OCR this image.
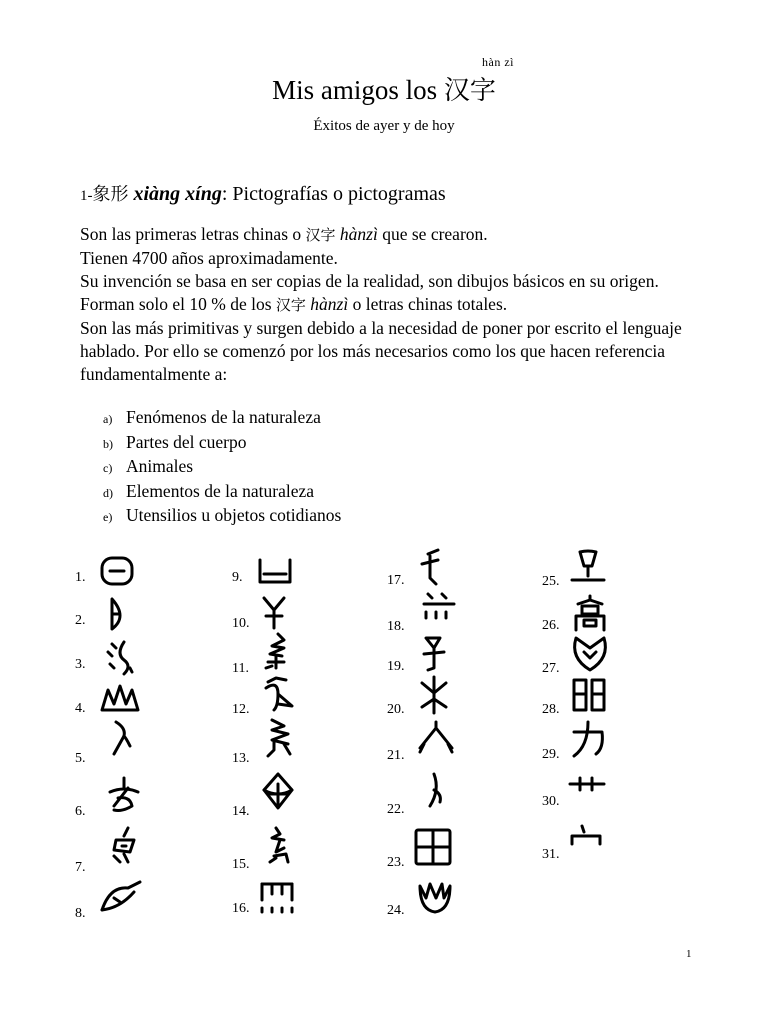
hàn zì
Mis amigos los 汉字
Éxitos de ayer y de hoy
1-象形 xiàng xíng: Pictografías o pictogramas

Son las primeras letras chinas o 汉字 hànzì que se crearon.

Tienen 4700 años aproximadamente.

Su invención se basa en ser copias de la realidad, son dibujos básicos en su origen.

Forman solo el 10 % de los 汉字 hànzì o letras chinas totales.

Son las más primitivas y surgen debido a la necesidad de poner por escrito el lenguaje hablado. Por ello se comenzó por los más necesarios como los que hacen referencia fundamentalmente a:

a) Fenómenos de la naturaleza
b) Partes del cuerpo
c) Animales
d) Elementos de la naturaleza
e) Utensilios u objetos cotidianos
1.
2.
3.
4.
5.
6.
7.
8.
9.
10.
11.
12.
13.
14.
15.
16.
17.
18.
19.
20.
21.
22.
23.
24.
25.
26.
27.
28.
29.
30.
31.
1
